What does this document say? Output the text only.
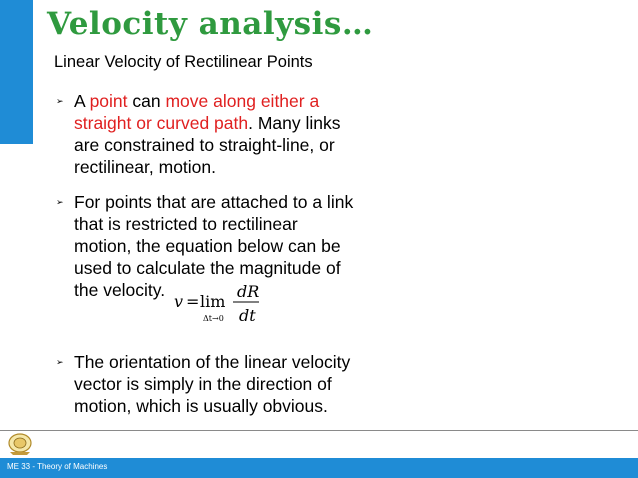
Velocity analysis…
Linear Velocity of Rectilinear Points
➢ A point can move along either a straight or curved path. Many links are constrained to straight-line, or rectilinear, motion.
➢ For points that are attached to a link that is restricted to rectilinear motion, the equation below can be used to calculate the magnitude of the velocity.
v = lim
Δt→0
dR
dt
➢ The orientation of the linear velocity vector is simply in the direction of motion, which is usually obvious.
ME 33 - Theory of Machines
